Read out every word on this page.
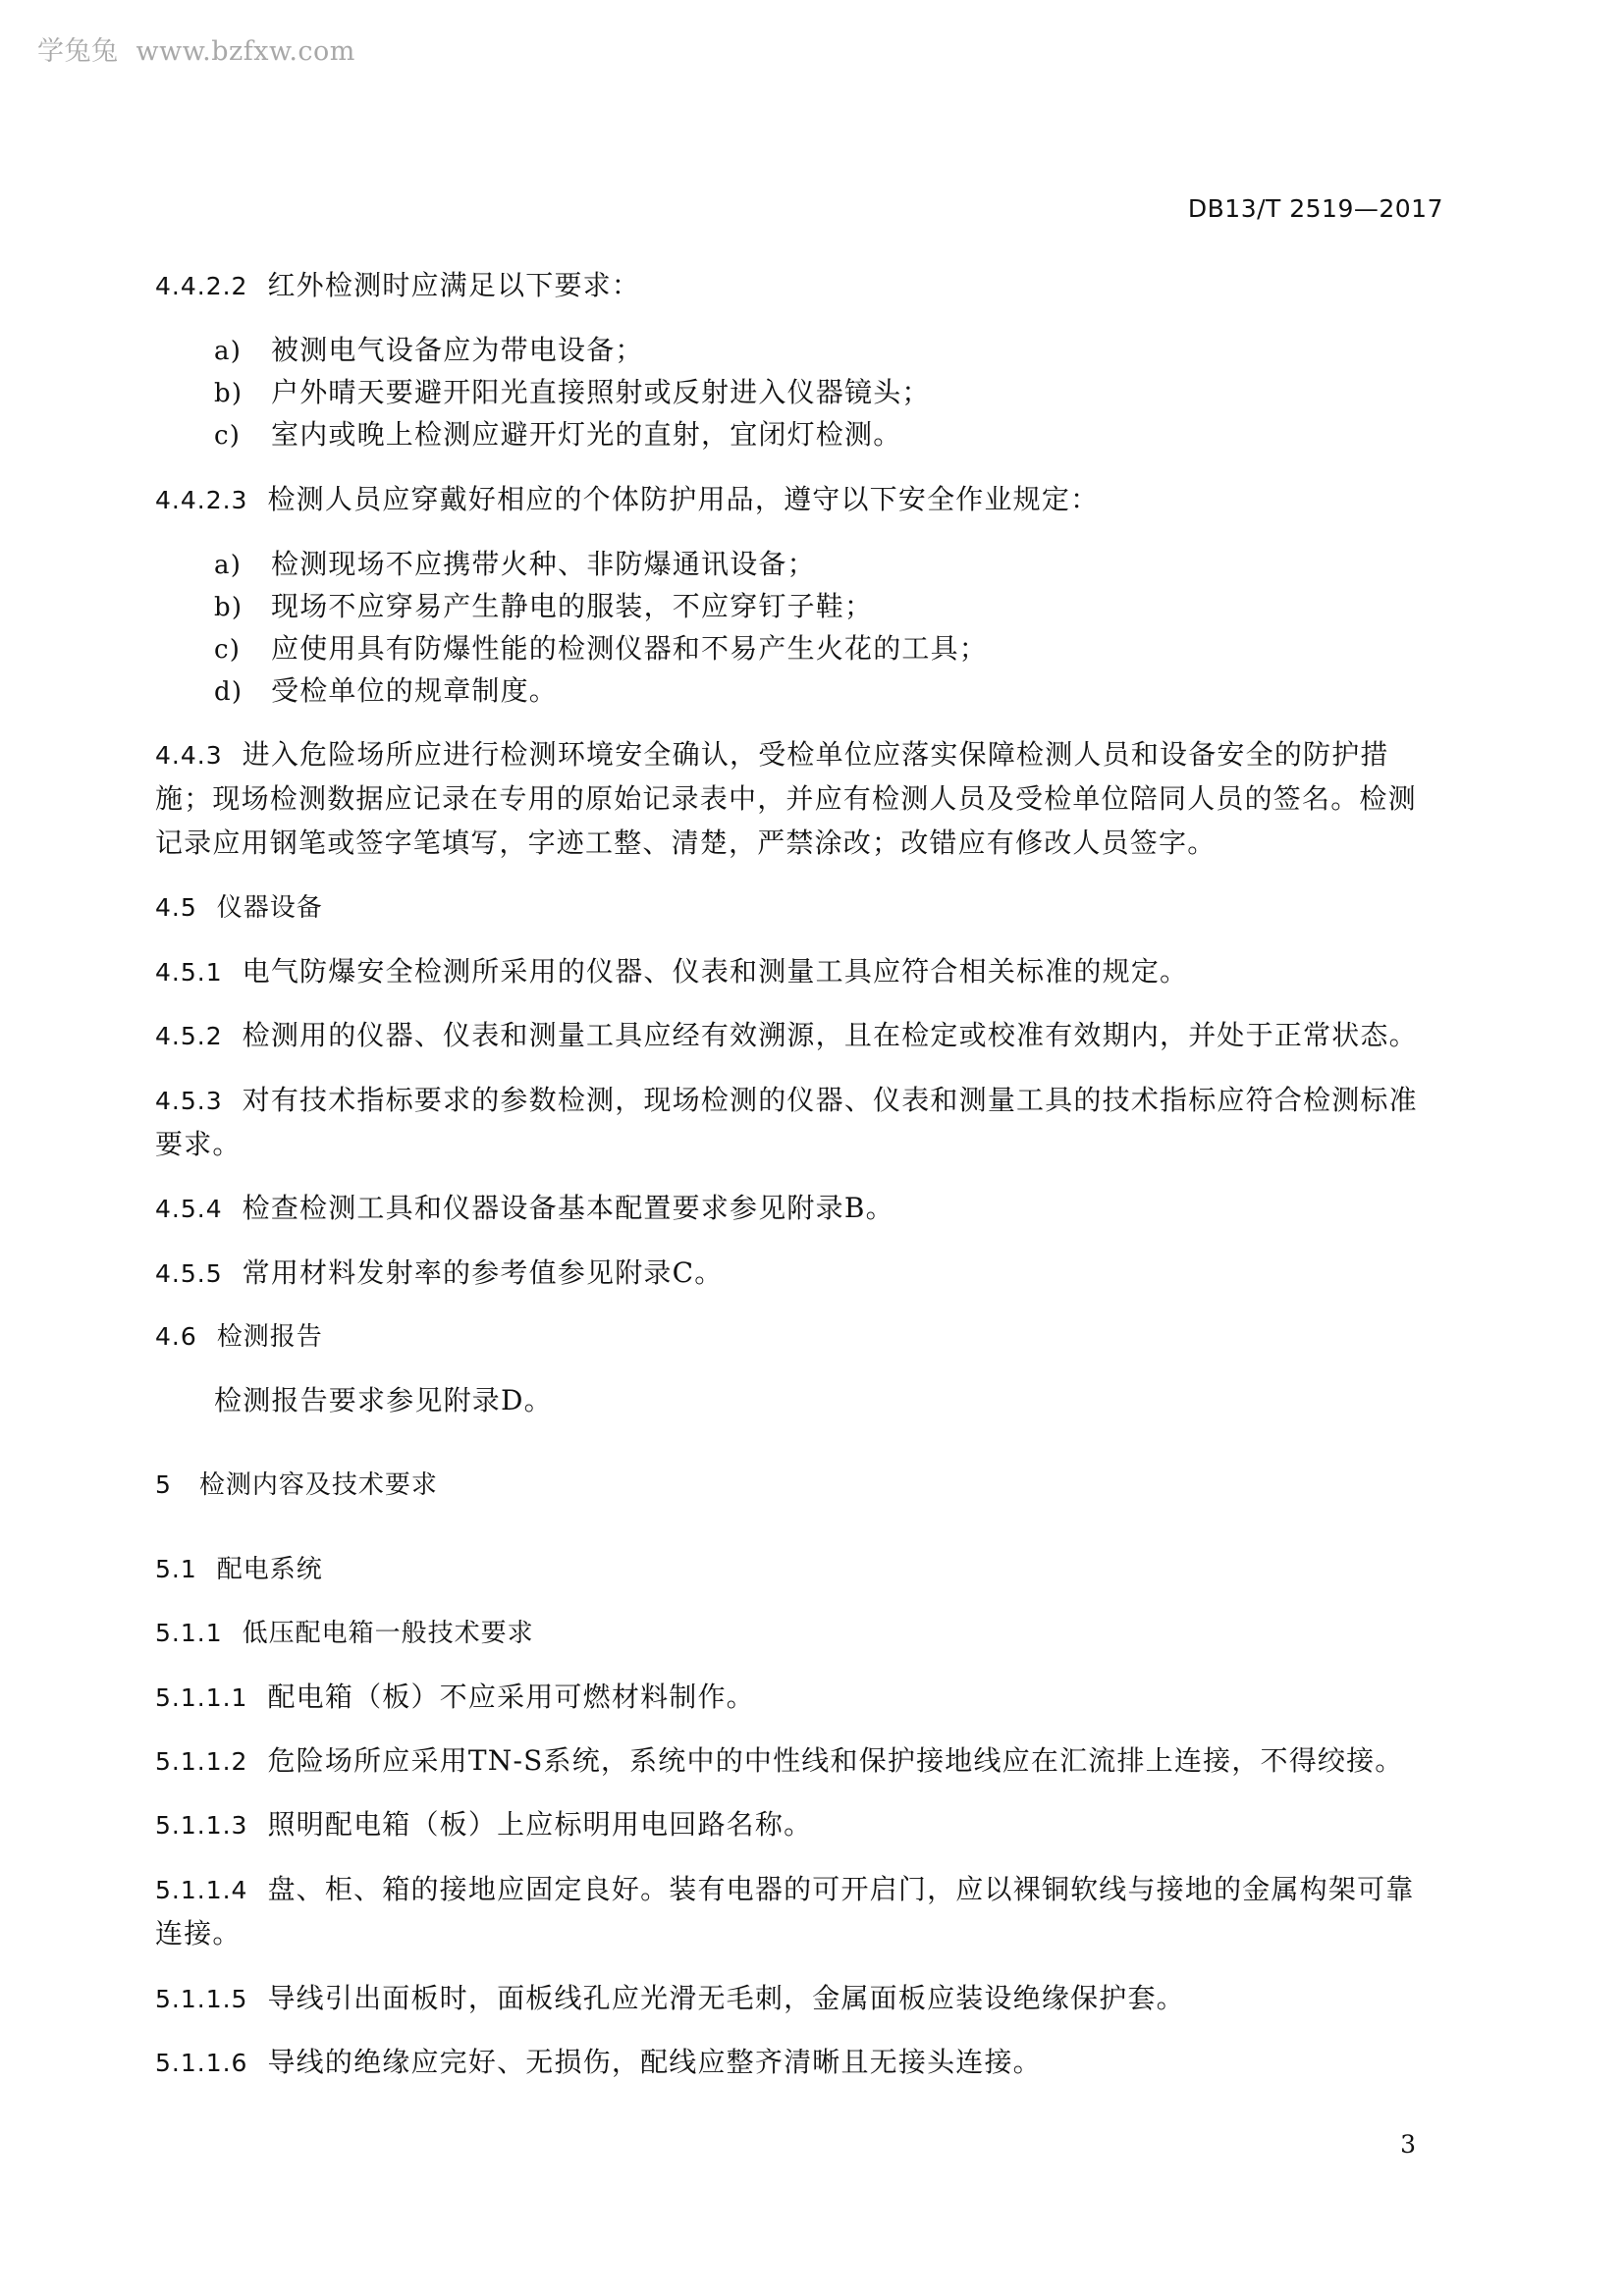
学兔兔 www.bzfxw.com
DB13/T 2519—2017
4.4.2.2 红外检测时应满足以下要求：
a) 被测电气设备应为带电设备；
b) 户外晴天要避开阳光直接照射或反射进入仪器镜头；
c) 室内或晚上检测应避开灯光的直射，宜闭灯检测。
4.4.2.3 检测人员应穿戴好相应的个体防护用品，遵守以下安全作业规定：
a) 检测现场不应携带火种、非防爆通讯设备；
b) 现场不应穿易产生静电的服装，不应穿钉子鞋；
c) 应使用具有防爆性能的检测仪器和不易产生火花的工具；
d) 受检单位的规章制度。
4.4.3 进入危险场所应进行检测环境安全确认，受检单位应落实保障检测人员和设备安全的防护措
施；现场检测数据应记录在专用的原始记录表中，并应有检测人员及受检单位陪同人员的签名。检测
记录应用钢笔或签字笔填写，字迹工整、清楚，严禁涂改；改错应有修改人员签字。
4.5 仪器设备
4.5.1 电气防爆安全检测所采用的仪器、仪表和测量工具应符合相关标准的规定。
4.5.2 检测用的仪器、仪表和测量工具应经有效溯源，且在检定或校准有效期内，并处于正常状态。
4.5.3 对有技术指标要求的参数检测，现场检测的仪器、仪表和测量工具的技术指标应符合检测标准
要求。
4.5.4 检查检测工具和仪器设备基本配置要求参见附录B。
4.5.5 常用材料发射率的参考值参见附录C。
4.6 检测报告
检测报告要求参见附录D。
5 检测内容及技术要求
5.1 配电系统
5.1.1 低压配电箱一般技术要求
5.1.1.1 配电箱（板）不应采用可燃材料制作。
5.1.1.2 危险场所应采用TN-S系统，系统中的中性线和保护接地线应在汇流排上连接，不得绞接。
5.1.1.3 照明配电箱（板）上应标明用电回路名称。
5.1.1.4 盘、柜、箱的接地应固定良好。装有电器的可开启门，应以裸铜软线与接地的金属构架可靠
连接。
5.1.1.5 导线引出面板时，面板线孔应光滑无毛刺，金属面板应装设绝缘保护套。
5.1.1.6 导线的绝缘应完好、无损伤，配线应整齐清晰且无接头连接。
3
